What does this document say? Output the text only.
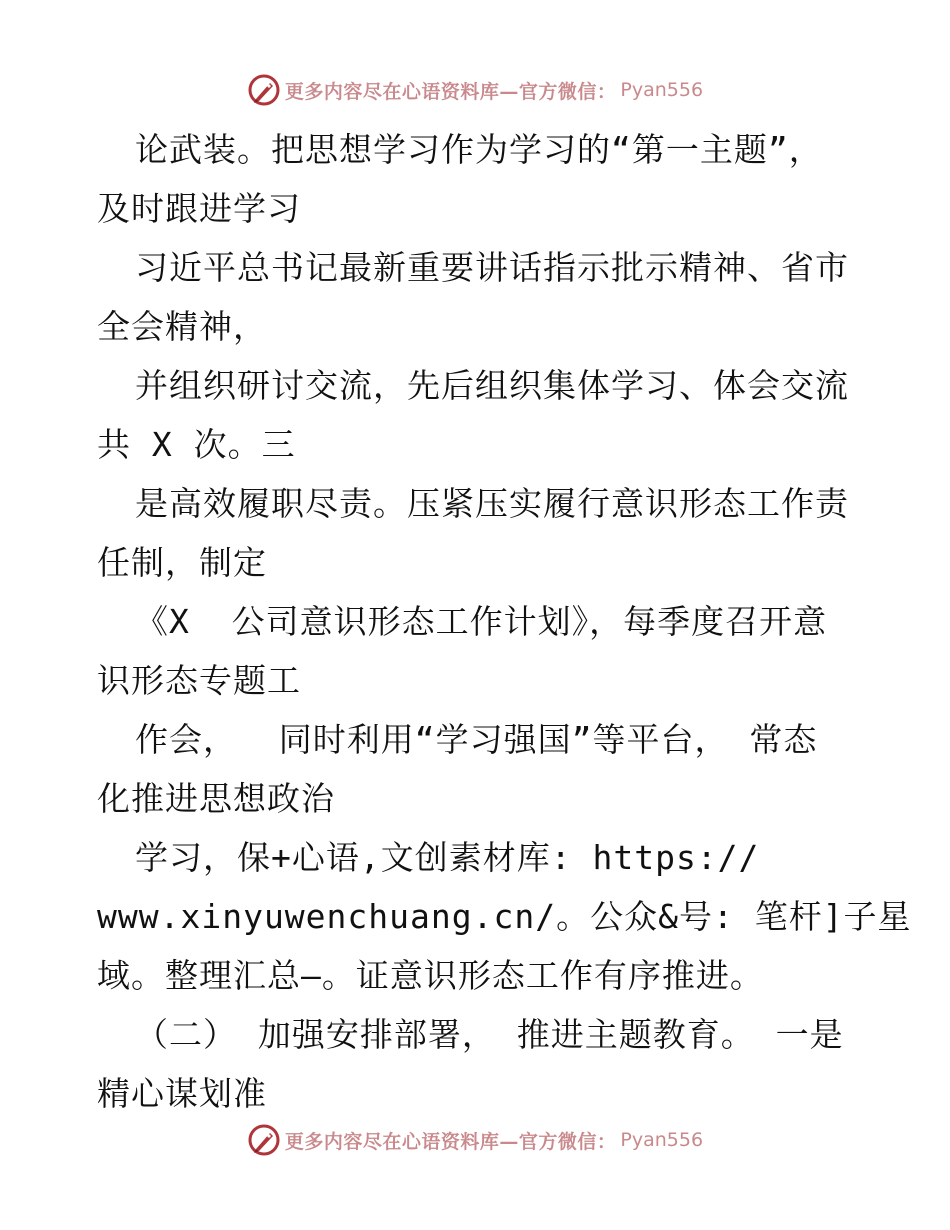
更多内容尽在心语资料库—官方微信： Pyan556
论武装。把思想学习作为学习的“第一主题”，
及时跟进学习
习近平总书记最新重要讲话指示批示精神、省市
全会精神，
并组织研讨交流，先后组织集体学习、体会交流
共 X 次。三
是高效履职尽责。压紧压实履行意识形态工作责
任制，制定
《X  公司意识形态工作计划》，每季度召开意
识形态专题工
作会，  同时利用“学习强国”等平台， 常态
化推进思想政治
学习，保+心语,文创素材库: https://
www.xinyuwenchuang.cn/。公众&号: 笔杆]子星
域。整理汇总—。证意识形态工作有序推进。
（二） 加强安排部署， 推进主题教育。 一是
精心谋划准
更多内容尽在心语资料库—官方微信： Pyan556
